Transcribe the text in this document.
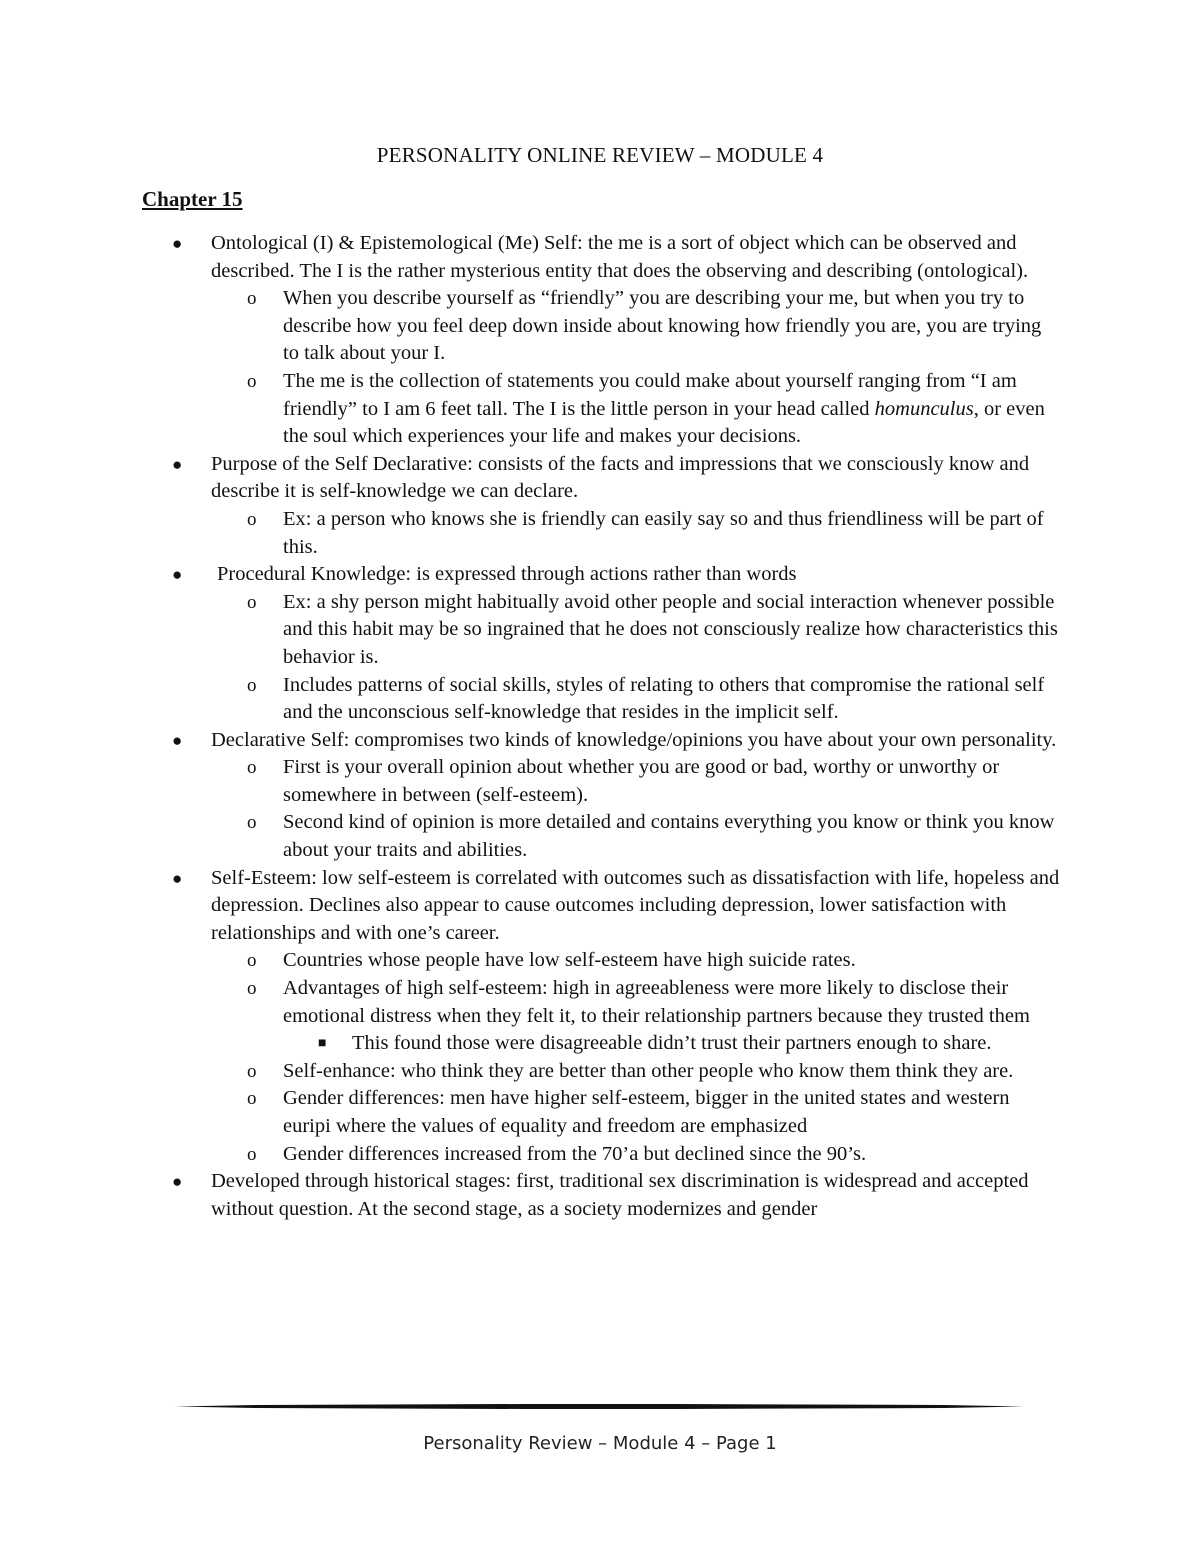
PERSONALITY ONLINE REVIEW – MODULE 4
Chapter 15
● Ontological (I) & Epistemological (Me) Self: the me is a sort of object which can be observed and described. The I is the rather mysterious entity that does the observing and describing (ontological).
o When you describe yourself as “friendly” you are describing your me, but when you try to describe how you feel deep down inside about knowing how friendly you are, you are trying to talk about your I.
o The me is the collection of statements you could make about yourself ranging from “I am friendly” to I am 6 feet tall. The I is the little person in your head called homunculus, or even the soul which experiences your life and makes your decisions.
● Purpose of the Self Declarative: consists of the facts and impressions that we consciously know and describe it is self-knowledge we can declare.
o Ex: a person who knows she is friendly can easily say so and thus friendliness will be part of this.
● Procedural Knowledge: is expressed through actions rather than words
o Ex: a shy person might habitually avoid other people and social interaction whenever possible and this habit may be so ingrained that he does not consciously realize how characteristics this behavior is.
o Includes patterns of social skills, styles of relating to others that compromise the rational self and the unconscious self-knowledge that resides in the implicit self.
● Declarative Self: compromises two kinds of knowledge/opinions you have about your own personality.
o First is your overall opinion about whether you are good or bad, worthy or unworthy or somewhere in between (self-esteem).
o Second kind of opinion is more detailed and contains everything you know or think you know about your traits and abilities.
● Self-Esteem: low self-esteem is correlated with outcomes such as dissatisfaction with life, hopeless and depression. Declines also appear to cause outcomes including depression, lower satisfaction with relationships and with one’s career.
o Countries whose people have low self-esteem have high suicide rates.
o Advantages of high self-esteem: high in agreeableness were more likely to disclose their emotional distress when they felt it, to their relationship partners because they trusted them
■ This found those were disagreeable didn’t trust their partners enough to share.
o Self-enhance: who think they are better than other people who know them think they are.
o Gender differences: men have higher self-esteem, bigger in the united states and western euripi where the values of equality and freedom are emphasized
o Gender differences increased from the 70’a but declined since the 90’s.
● Developed through historical stages: first, traditional sex discrimination is widespread and accepted without question. At the second stage, as a society modernizes and gender
Personality Review – Module 4 – Page 1
